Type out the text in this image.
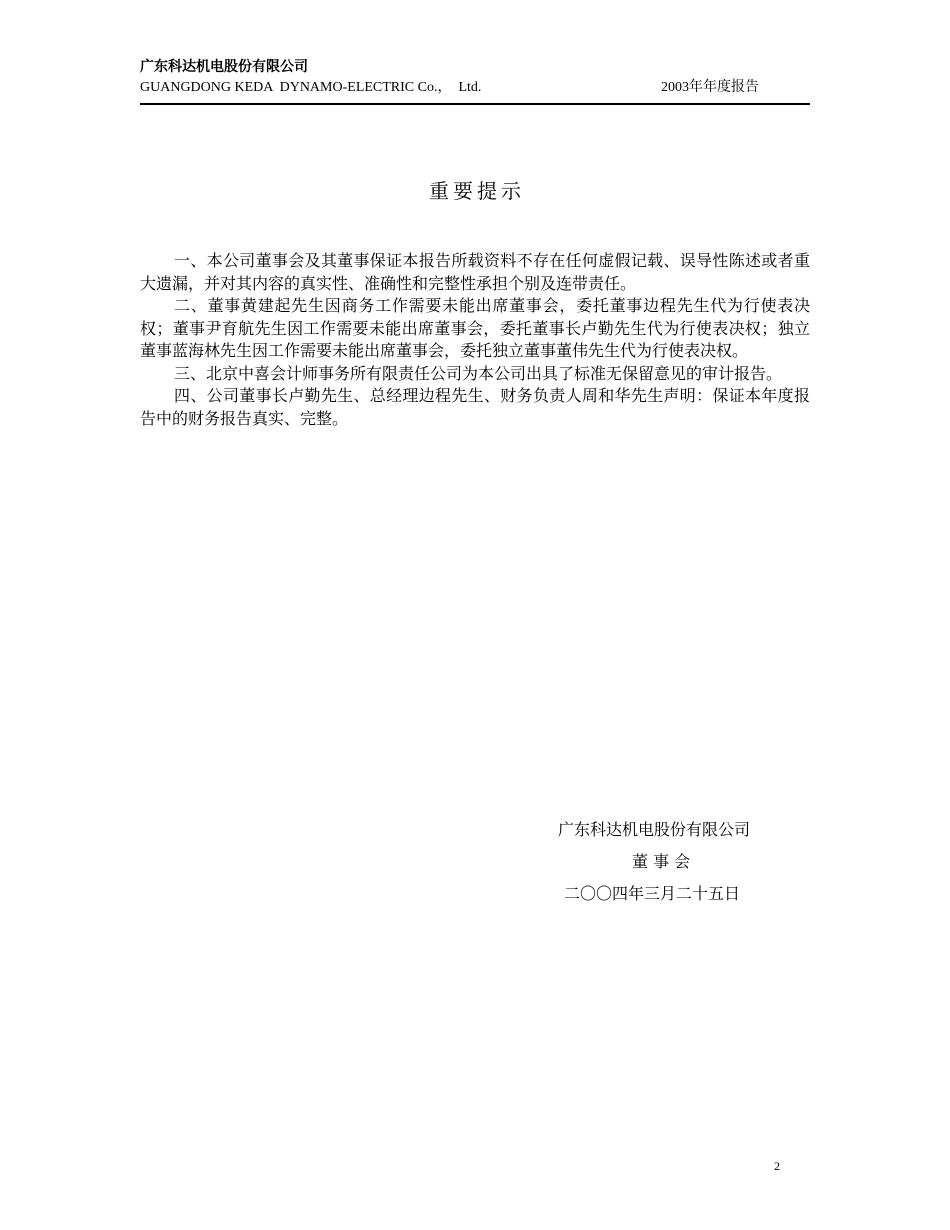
广东科达机电股份有限公司
GUANGDONG KEDA  DYNAMO-ELECTRIC Co.，  Ltd.	2003年年度报告
重要提示

一、本公司董事会及其董事保证本报告所载资料不存在任何虚假记载、误导性陈述或者重大遗漏，并对其内容的真实性、准确性和完整性承担个别及连带责任。

二、董事黄建起先生因商务工作需要未能出席董事会，委托董事边程先生代为行使表决权；董事尹育航先生因工作需要未能出席董事会，委托董事长卢勤先生代为行使表决权；独立董事蓝海林先生因工作需要未能出席董事会，委托独立董事董伟先生代为行使表决权。

三、北京中喜会计师事务所有限责任公司为本公司出具了标准无保留意见的审计报告。

四、公司董事长卢勤先生、总经理边程先生、财务负责人周和华先生声明：保证本年度报告中的财务报告真实、完整。

广东科达机电股份有限公司
董 事 会
二〇〇四年三月二十五日
2
